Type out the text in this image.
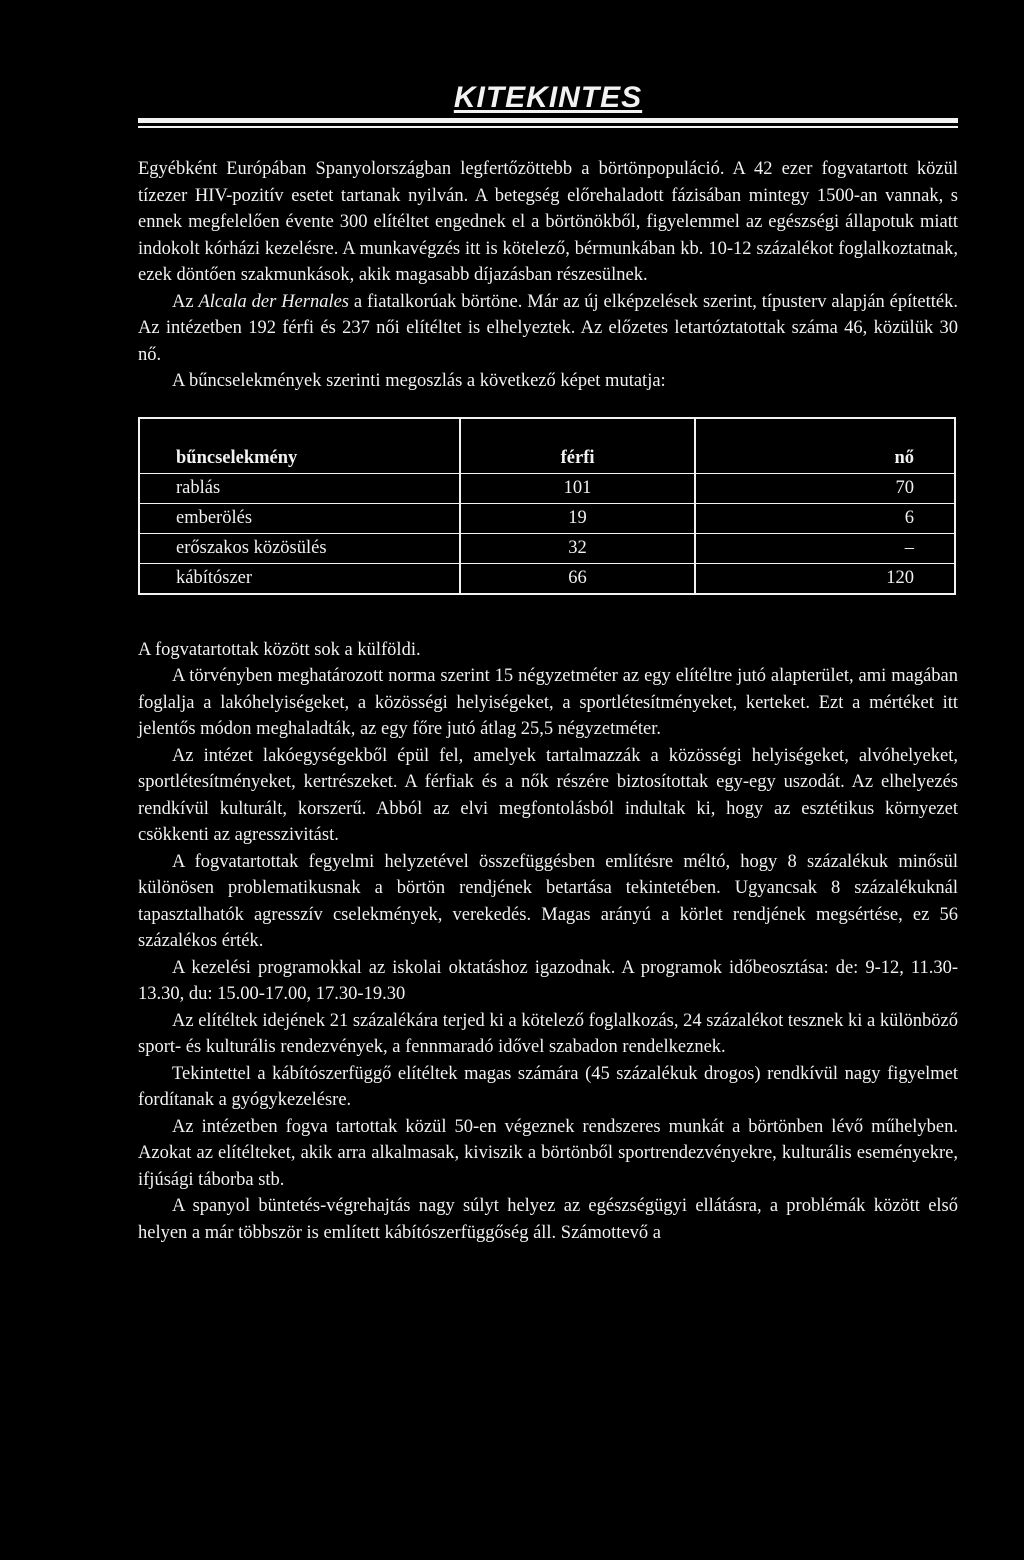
KITEKINTES

Egyébként Európában Spanyolországban legfertőzöttebb a börtönpopuláció. A 42 ezer fogvatartott közül tízezer HIV-pozitív esetet tartanak nyilván. A betegség előrehaladott fázisában mintegy 1500-an vannak, s ennek megfelelően évente 300 elítéltet engednek el a börtönökből, figyelemmel az egészségi állapotuk miatt indokolt kórházi kezelésre. A munkavégzés itt is kötelező, bérmunkában kb. 10-12 százalékot foglalkoztatnak, ezek döntően szakmunkások, akik magasabb díjazásban részesülnek.

Az Alcala der Hernales a fiatalkorúak börtöne. Már az új elképzelések szerint, típusterv alapján építették. Az intézetben 192 férfi és 237 női elítéltet is elhelyeztek. Az előzetes letartóztatottak száma 46, közülük 30 nő.

A bűncselekmények szerinti megoszlás a következő képet mutatja:

bűncselekmény	férfi	nő
rablás	101	70
emberölés	19	6
erőszakos közösülés	32	–
kábítószer	66	120

A fogvatartottak között sok a külföldi.

A törvényben meghatározott norma szerint 15 négyzetméter az egy elítéltre jutó alapterület, ami magában foglalja a lakóhelyiségeket, a közösségi helyiségeket, a sportlétesítményeket, kerteket. Ezt a mértéket itt jelentős módon meghaladták, az egy főre jutó átlag 25,5 négyzetméter.

Az intézet lakóegységekből épül fel, amelyek tartalmazzák a közösségi helyiségeket, alvóhelyeket, sportlétesítményeket, kertrészeket. A férfiak és a nők részére biztosítottak egy-egy uszodát. Az elhelyezés rendkívül kulturált, korszerű. Abból az elvi megfontolásból indultak ki, hogy az esztétikus környezet csökkenti az agresszivitást.

A fogvatartottak fegyelmi helyzetével összefüggésben említésre méltó, hogy 8 százalékuk minősül különösen problematikusnak a börtön rendjének betartása tekintetében. Ugyancsak 8 százalékuknál tapasztalhatók agresszív cselekmények, verekedés. Magas arányú a körlet rendjének megsértése, ez 56 százalékos érték.

A kezelési programokkal az iskolai oktatáshoz igazodnak. A programok időbeosztása: de: 9-12, 11.30-13.30, du: 15.00-17.00, 17.30-19.30

Az elítéltek idejének 21 százalékára terjed ki a kötelező foglalkozás, 24 százalékot tesznek ki a különböző sport- és kulturális rendezvények, a fennmaradó idővel szabadon rendelkeznek.

Tekintettel a kábítószerfüggő elítéltek magas számára (45 százalékuk drogos) rendkívül nagy figyelmet fordítanak a gyógykezelésre.

Az intézetben fogva tartottak közül 50-en végeznek rendszeres munkát a börtönben lévő műhelyben. Azokat az elítélteket, akik arra alkalmasak, kiviszik a börtönből sportrendezvényekre, kulturális eseményekre, ifjúsági táborba stb.

A spanyol büntetés-végrehajtás nagy súlyt helyez az egészségügyi ellátásra, a problémák között első helyen a már többször is említett kábítószerfüggőség áll. Számottevő a
